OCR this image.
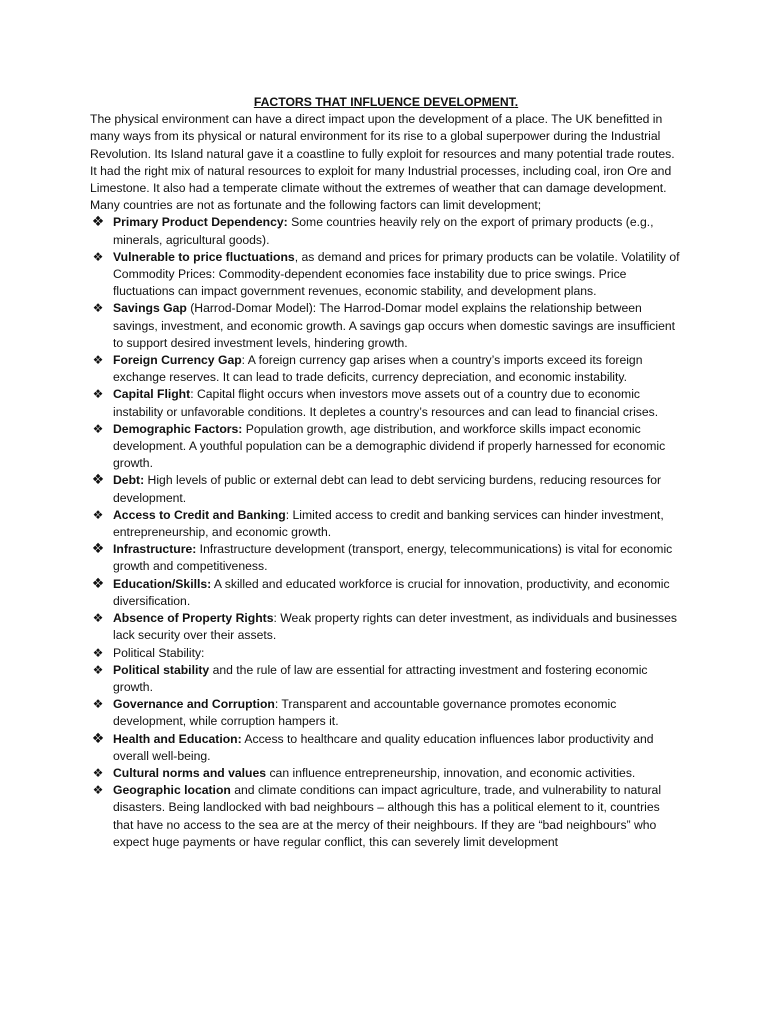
FACTORS THAT INFLUENCE DEVELOPMENT.

The physical environment can have a direct impact upon the development of a place. The UK benefitted in many ways from its physical or natural environment for its rise to a global superpower during the Industrial Revolution. Its Island natural gave it a coastline to fully exploit for resources and many potential trade routes. It had the right mix of natural resources to exploit for many Industrial processes, including coal, iron Ore and Limestone. It also had a temperate climate without the extremes of weather that can damage development. Many countries are not as fortunate and the following factors can limit development;

❖ Primary Product Dependency: Some countries heavily rely on the export of primary products (e.g., minerals, agricultural goods).
❖ Vulnerable to price fluctuations, as demand and prices for primary products can be volatile. Volatility of Commodity Prices: Commodity-dependent economies face instability due to price swings. Price fluctuations can impact government revenues, economic stability, and development plans.
❖ Savings Gap (Harrod-Domar Model): The Harrod-Domar model explains the relationship between savings, investment, and economic growth. A savings gap occurs when domestic savings are insufficient to support desired investment levels, hindering growth.
❖ Foreign Currency Gap: A foreign currency gap arises when a country’s imports exceed its foreign exchange reserves. It can lead to trade deficits, currency depreciation, and economic instability.
❖ Capital Flight: Capital flight occurs when investors move assets out of a country due to economic instability or unfavorable conditions. It depletes a country’s resources and can lead to financial crises.
❖ Demographic Factors: Population growth, age distribution, and workforce skills impact economic development. A youthful population can be a demographic dividend if properly harnessed for economic growth.
❖ Debt: High levels of public or external debt can lead to debt servicing burdens, reducing resources for development.
❖ Access to Credit and Banking: Limited access to credit and banking services can hinder investment, entrepreneurship, and economic growth.
❖ Infrastructure: Infrastructure development (transport, energy, telecommunications) is vital for economic growth and competitiveness.
❖ Education/Skills: A skilled and educated workforce is crucial for innovation, productivity, and economic diversification.
❖ Absence of Property Rights: Weak property rights can deter investment, as individuals and businesses lack security over their assets.
❖ Political Stability:
❖ Political stability and the rule of law are essential for attracting investment and fostering economic growth.
❖ Governance and Corruption: Transparent and accountable governance promotes economic development, while corruption hampers it.
❖ Health and Education: Access to healthcare and quality education influences labor productivity and overall well-being.
❖ Cultural norms and values can influence entrepreneurship, innovation, and economic activities.
❖ Geographic location and climate conditions can impact agriculture, trade, and vulnerability to natural disasters. Being landlocked with bad neighbours – although this has a political element to it, countries that have no access to the sea are at the mercy of their neighbours. If they are “bad neighbours” who expect huge payments or have regular conflict, this can severely limit development
